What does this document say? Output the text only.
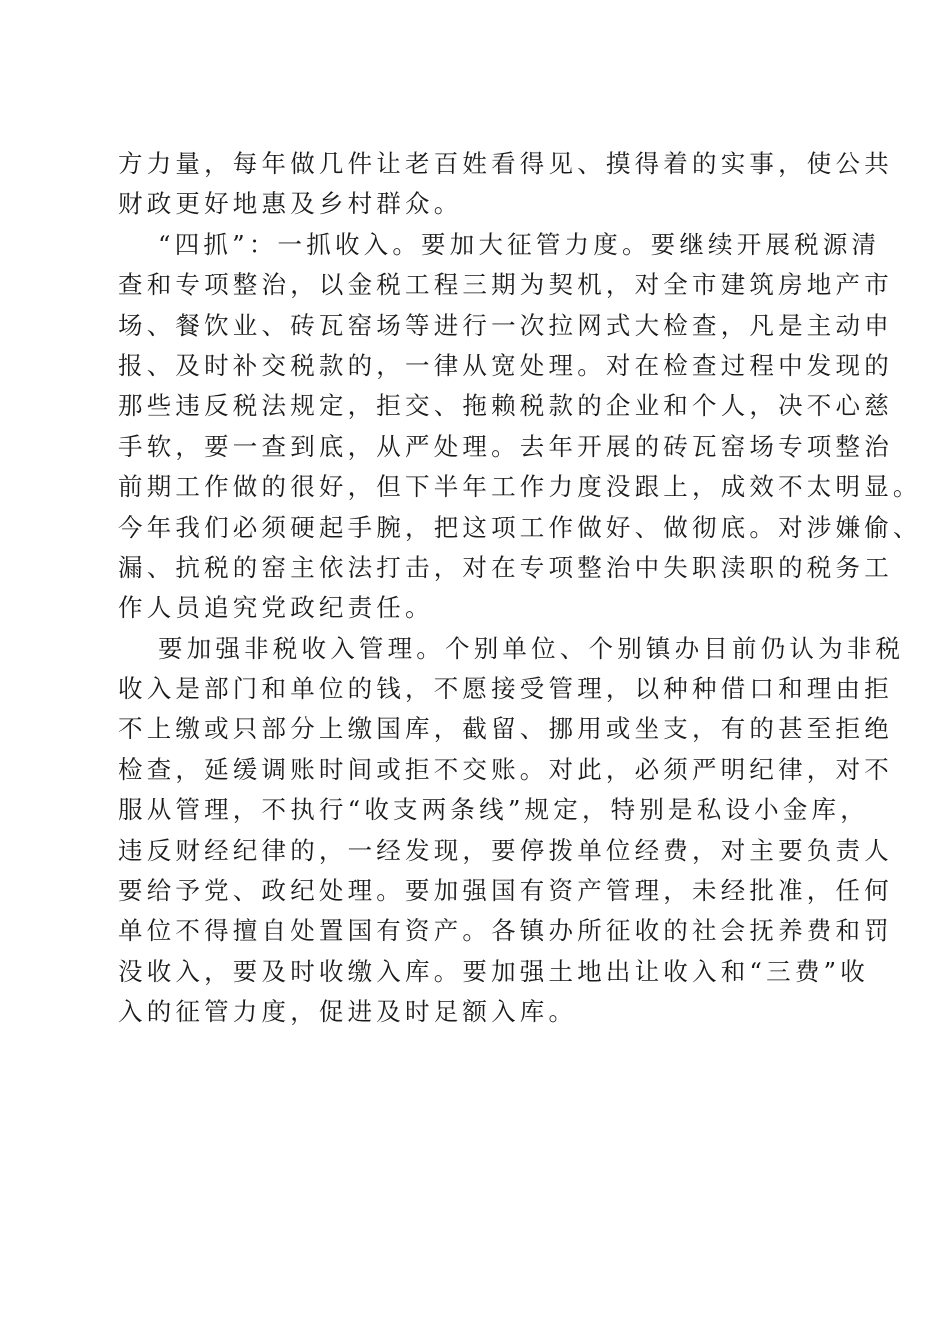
方力量，每年做几件让老百姓看得见、摸得着的实事，使公共
财政更好地惠及乡村群众。
“四抓”：一抓收入。要加大征管力度。要继续开展税源清
查和专项整治，以金税工程三期为契机，对全市建筑房地产市
场、餐饮业、砖瓦窑场等进行一次拉网式大检查，凡是主动申
报、及时补交税款的，一律从宽处理。对在检查过程中发现的
那些违反税法规定，拒交、拖赖税款的企业和个人，决不心慈
手软，要一查到底，从严处理。去年开展的砖瓦窑场专项整治
前期工作做的很好，但下半年工作力度没跟上，成效不太明显。
今年我们必须硬起手腕，把这项工作做好、做彻底。对涉嫌偷、
漏、抗税的窑主依法打击，对在专项整治中失职渎职的税务工
作人员追究党政纪责任。
要加强非税收入管理。个别单位、个别镇办目前仍认为非税
收入是部门和单位的钱，不愿接受管理，以种种借口和理由拒
不上缴或只部分上缴国库，截留、挪用或坐支，有的甚至拒绝
检查，延缓调账时间或拒不交账。对此，必须严明纪律，对不
服从管理，不执行“收支两条线”规定，特别是私设小金库，
违反财经纪律的，一经发现，要停拨单位经费，对主要负责人
要给予党、政纪处理。要加强国有资产管理，未经批准，任何
单位不得擅自处置国有资产。各镇办所征收的社会抚养费和罚
没收入，要及时收缴入库。要加强土地出让收入和“三费”收
入的征管力度，促进及时足额入库。
